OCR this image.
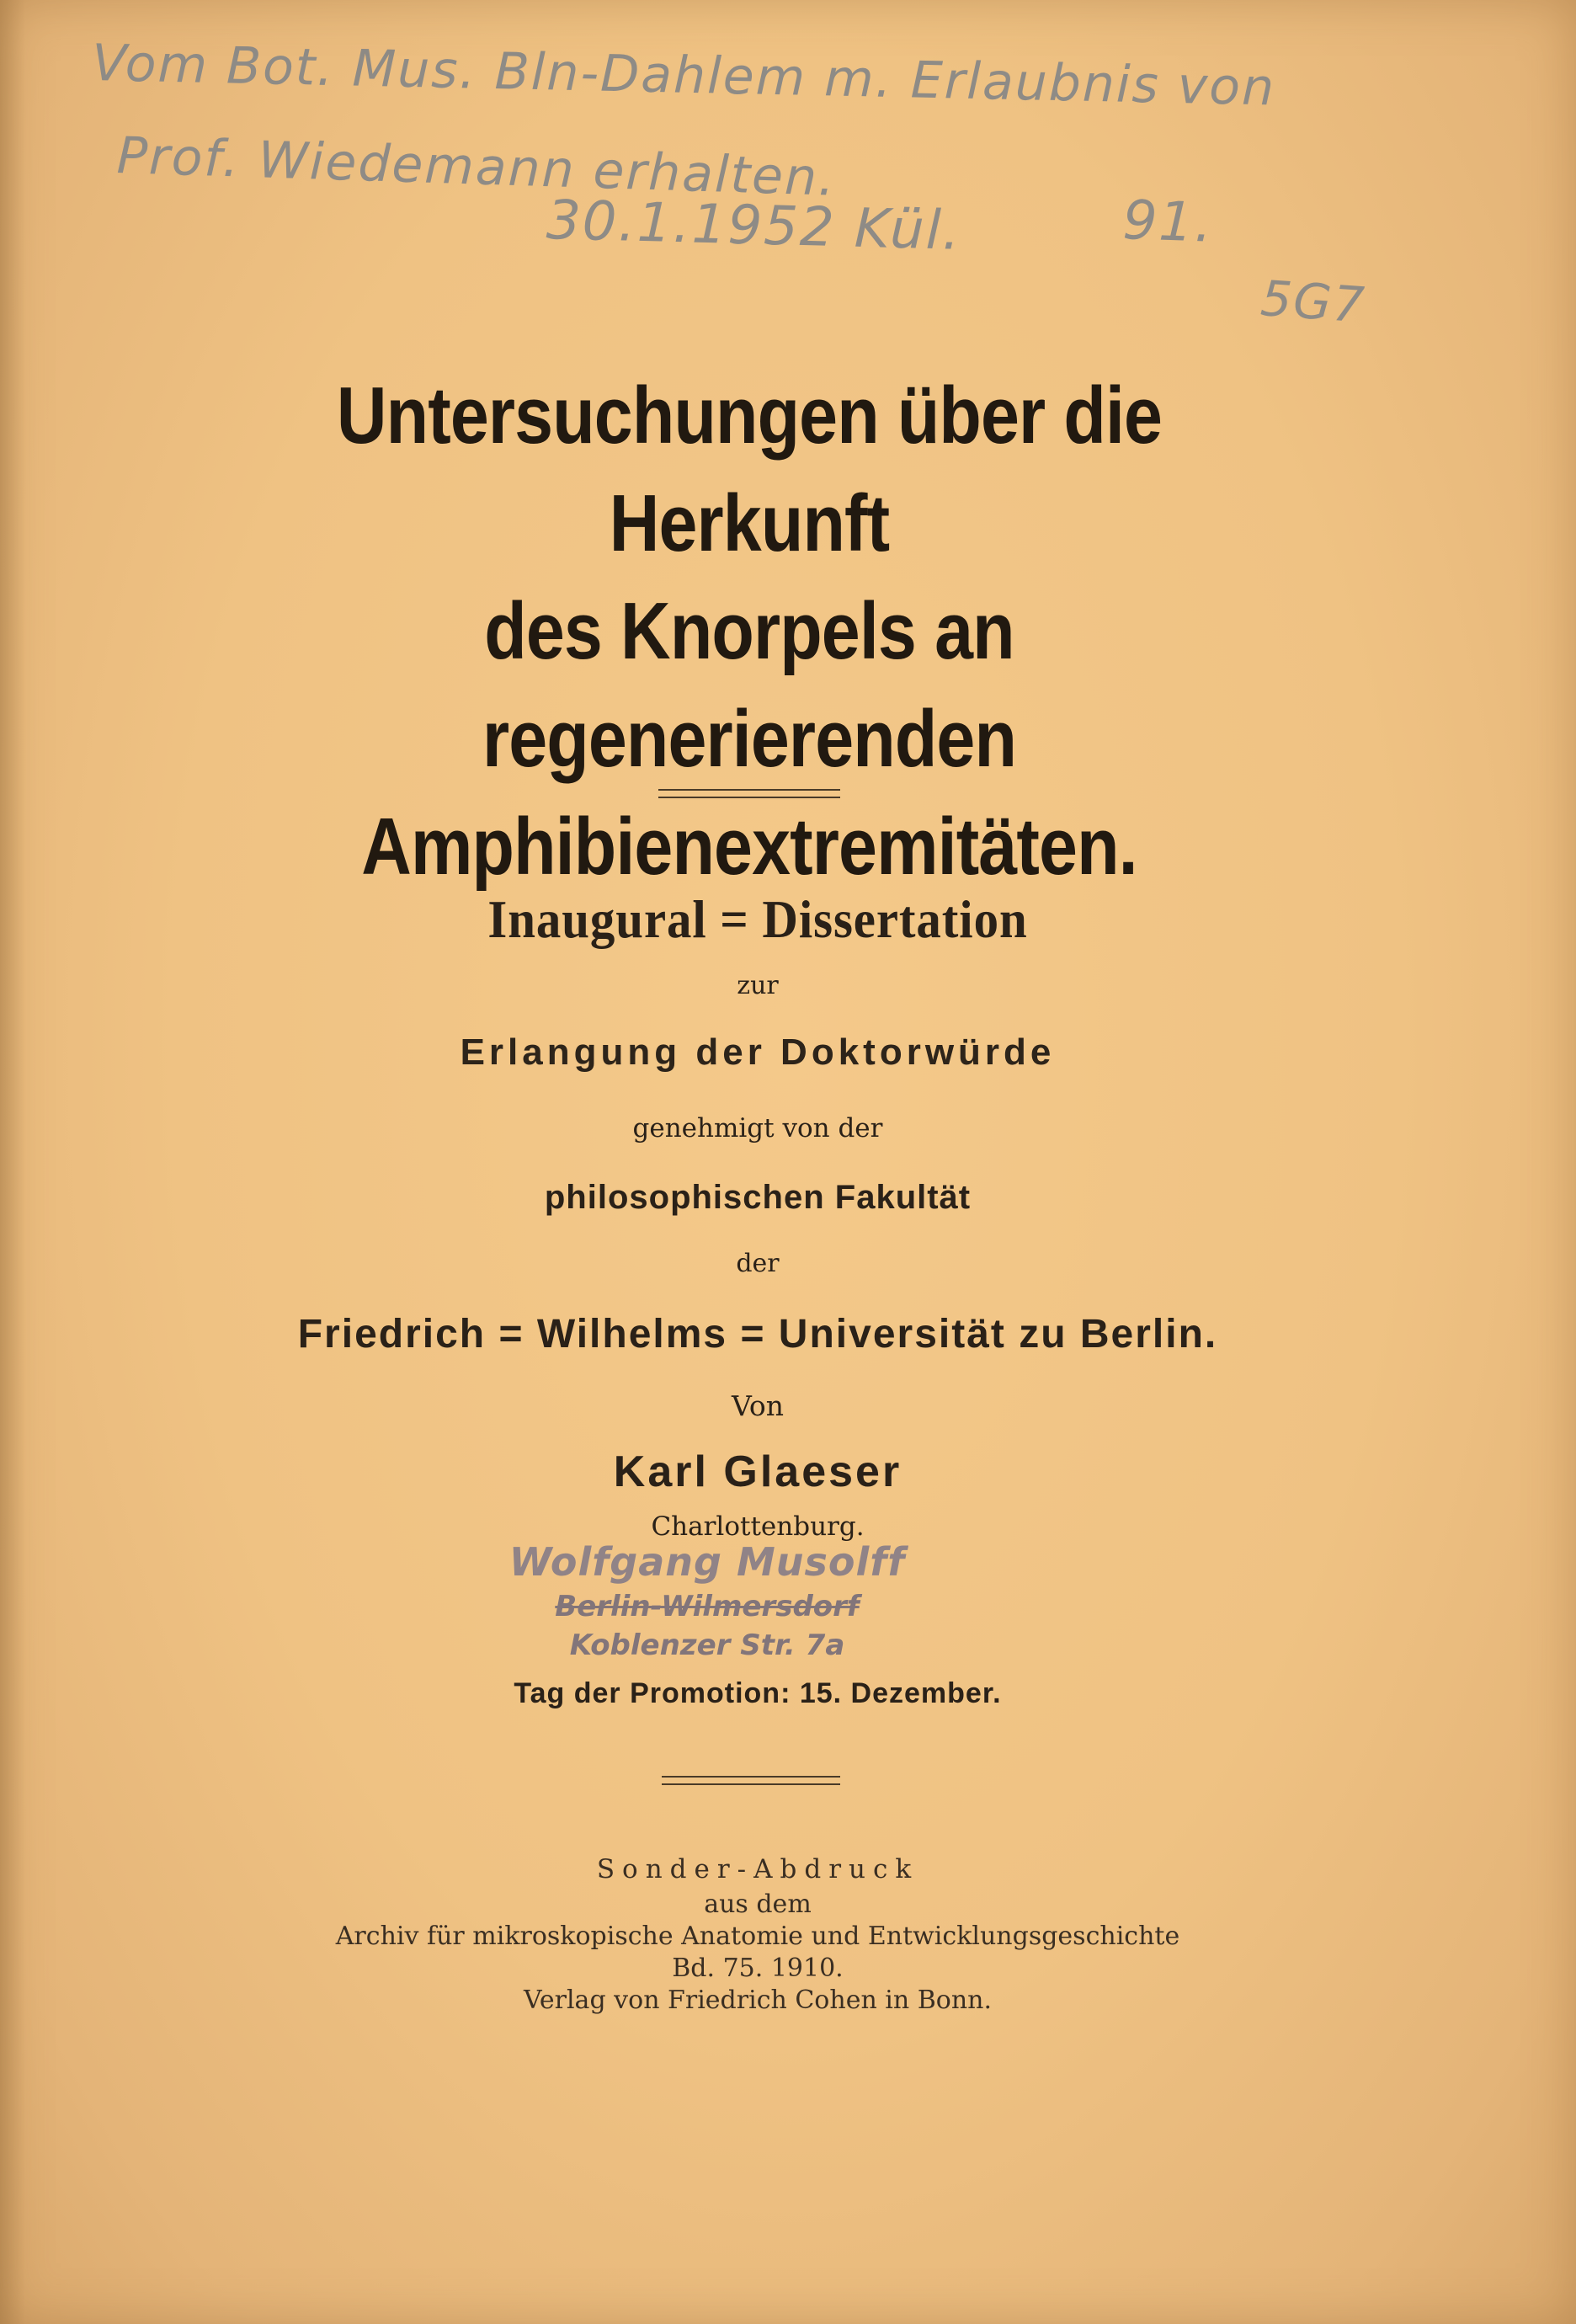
Vom Bot. Mus. Bln-Dahlem m. Erlaubnis von
Prof. Wiedemann erhalten.
30.1.1952 Kül.	91.
5G7
Untersuchungen über die Herkunft
des Knorpels an regenerierenden
Amphibienextremitäten.
Inaugural = Dissertation
zur
Erlangung der Doktorwürde
genehmigt von der
philosophischen Fakultät
der
Friedrich = Wilhelms = Universität zu Berlin.
Von
Karl Glaeser
Charlottenburg.
Wolfgang Musolff
Berlin-Wilmersdorf
Koblenzer Str. 7a
Tag der Promotion: 15. Dezember.
Sonder-Abdruck
aus dem
Archiv für mikroskopische Anatomie und Entwicklungsgeschichte
Bd. 75. 1910.
Verlag von Friedrich Cohen in Bonn.
